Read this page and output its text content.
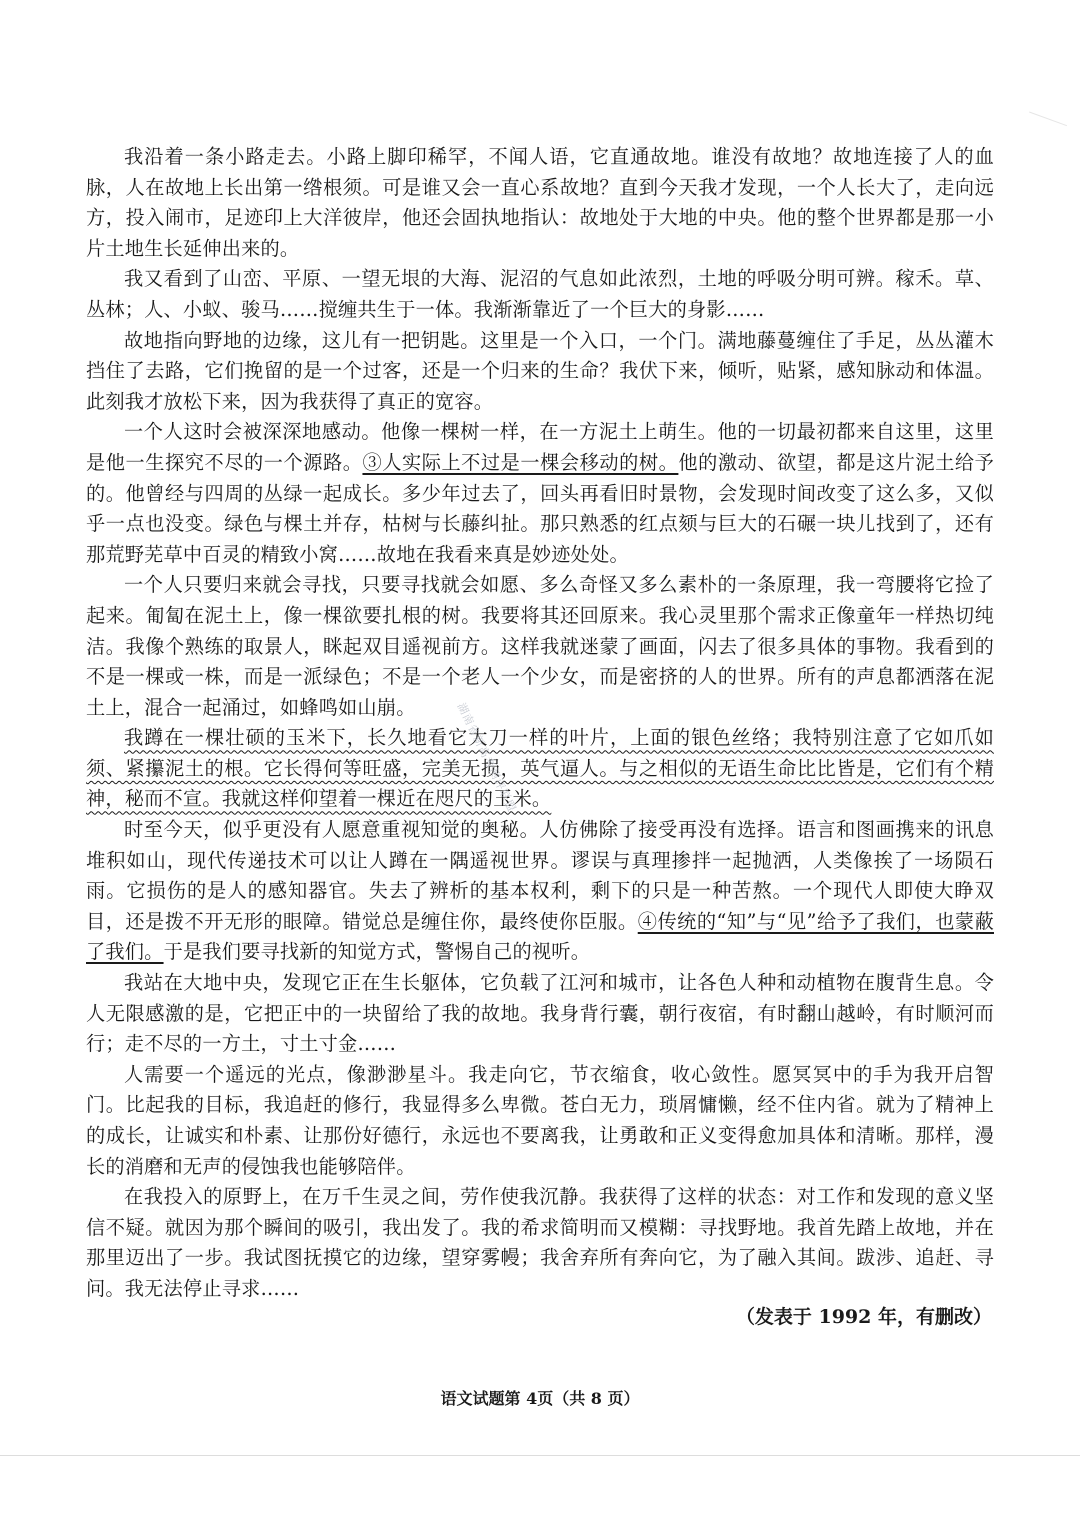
我沿着一条小路走去。小路上脚印稀罕，不闻人语，它直通故地。谁没有故地？故地连接了人的血脉，人在故地上长出第一绺根须。可是谁又会一直心系故地？直到今天我才发现，一个人长大了，走向远方，投入闹市，足迹印上大洋彼岸，他还会固执地指认：故地处于大地的中央。他的整个世界都是那一小片土地生长延伸出来的。

我又看到了山峦、平原、一望无垠的大海、泥沼的气息如此浓烈，土地的呼吸分明可辨。稼禾。草、丛林；人、小蚁、骏马……搅缠共生于一体。我渐渐靠近了一个巨大的身影……

故地指向野地的边缘，这儿有一把钥匙。这里是一个入口，一个门。满地藤蔓缠住了手足，丛丛灌木挡住了去路，它们挽留的是一个过客，还是一个归来的生命？我伏下来，倾听，贴紧，感知脉动和体温。此刻我才放松下来，因为我获得了真正的宽容。

一个人这时会被深深地感动。他像一棵树一样，在一方泥土上萌生。他的一切最初都来自这里，这里是他一生探究不尽的一个源路。③人实际上不过是一棵会移动的树。他的激动、欲望，都是这片泥土给予的。他曾经与四周的丛绿一起成长。多少年过去了，回头再看旧时景物，会发现时间改变了这么多，又似乎一点也没变。绿色与棵土并存，枯树与长藤纠扯。那只熟悉的红点颏与巨大的石碾一块儿找到了，还有那荒野芜草中百灵的精致小窝……故地在我看来真是妙迹处处。

一个人只要归来就会寻找，只要寻找就会如愿、多么奇怪又多么素朴的一条原理，我一弯腰将它捡了起来。匍匐在泥土上，像一棵欲要扎根的树。我要将其还回原来。我心灵里那个需求正像童年一样热切纯洁。我像个熟练的取景人，眯起双目遥视前方。这样我就迷蒙了画面，闪去了很多具体的事物。我看到的不是一棵或一株，而是一派绿色；不是一个老人一个少女，而是密挤的人的世界。所有的声息都洒落在泥土上，混合一起涌过，如蜂鸣如山崩。

我蹲在一棵壮硕的玉米下，长久地看它大刀一样的叶片，上面的银色丝络；我特别注意了它如爪如须、紧攥泥土的根。它长得何等旺盛，完美无损，英气逼人。与之相似的无语生命比比皆是，它们有个精神，秘而不宣。我就这样仰望着一棵近在咫尺的玉米。

时至今天，似乎更没有人愿意重视知觉的奥秘。人仿佛除了接受再没有选择。语言和图画携来的讯息堆积如山，现代传递技术可以让人蹲在一隅遥视世界。谬误与真理掺拌一起抛洒，人类像挨了一场陨石雨。它损伤的是人的感知器官。失去了辨析的基本权利，剩下的只是一种苦熬。一个现代人即使大睁双目，还是拨不开无形的眼障。错觉总是缠住你，最终使你臣服。④传统的“知”与“见”给予了我们，也蒙蔽了我们。于是我们要寻找新的知觉方式，警惕自己的视听。

我站在大地中央，发现它正在生长躯体，它负载了江河和城市，让各色人种和动植物在腹背生息。令人无限感激的是，它把正中的一块留给了我的故地。我身背行囊，朝行夜宿，有时翻山越岭，有时顺河而行；走不尽的一方土，寸土寸金……

人需要一个遥远的光点，像渺渺星斗。我走向它，节衣缩食，收心敛性。愿冥冥中的手为我开启智门。比起我的目标，我追赶的修行，我显得多么卑微。苍白无力，琐屑慵懒，经不住内省。就为了精神上的成长，让诚实和朴素、让那份好德行，永远也不要离我，让勇敢和正义变得愈加具体和清晰。那样，漫长的消磨和无声的侵蚀我也能够陪伴。

在我投入的原野上，在万千生灵之间，劳作使我沉静。我获得了这样的状态：对工作和发现的意义坚信不疑。就因为那个瞬间的吸引，我出发了。我的希求简明而又模糊：寻找野地。我首先踏上故地，并在那里迈出了一步。我试图抚摸它的边缘，望穿雾幔；我舍弃所有奔向它，为了融入其间。跋涉、追赶、寻问。我无法停止寻求……

（发表于 1992 年，有删改）

湖南省新高考测评联盟

语文试题第 4页（共 8 页）
